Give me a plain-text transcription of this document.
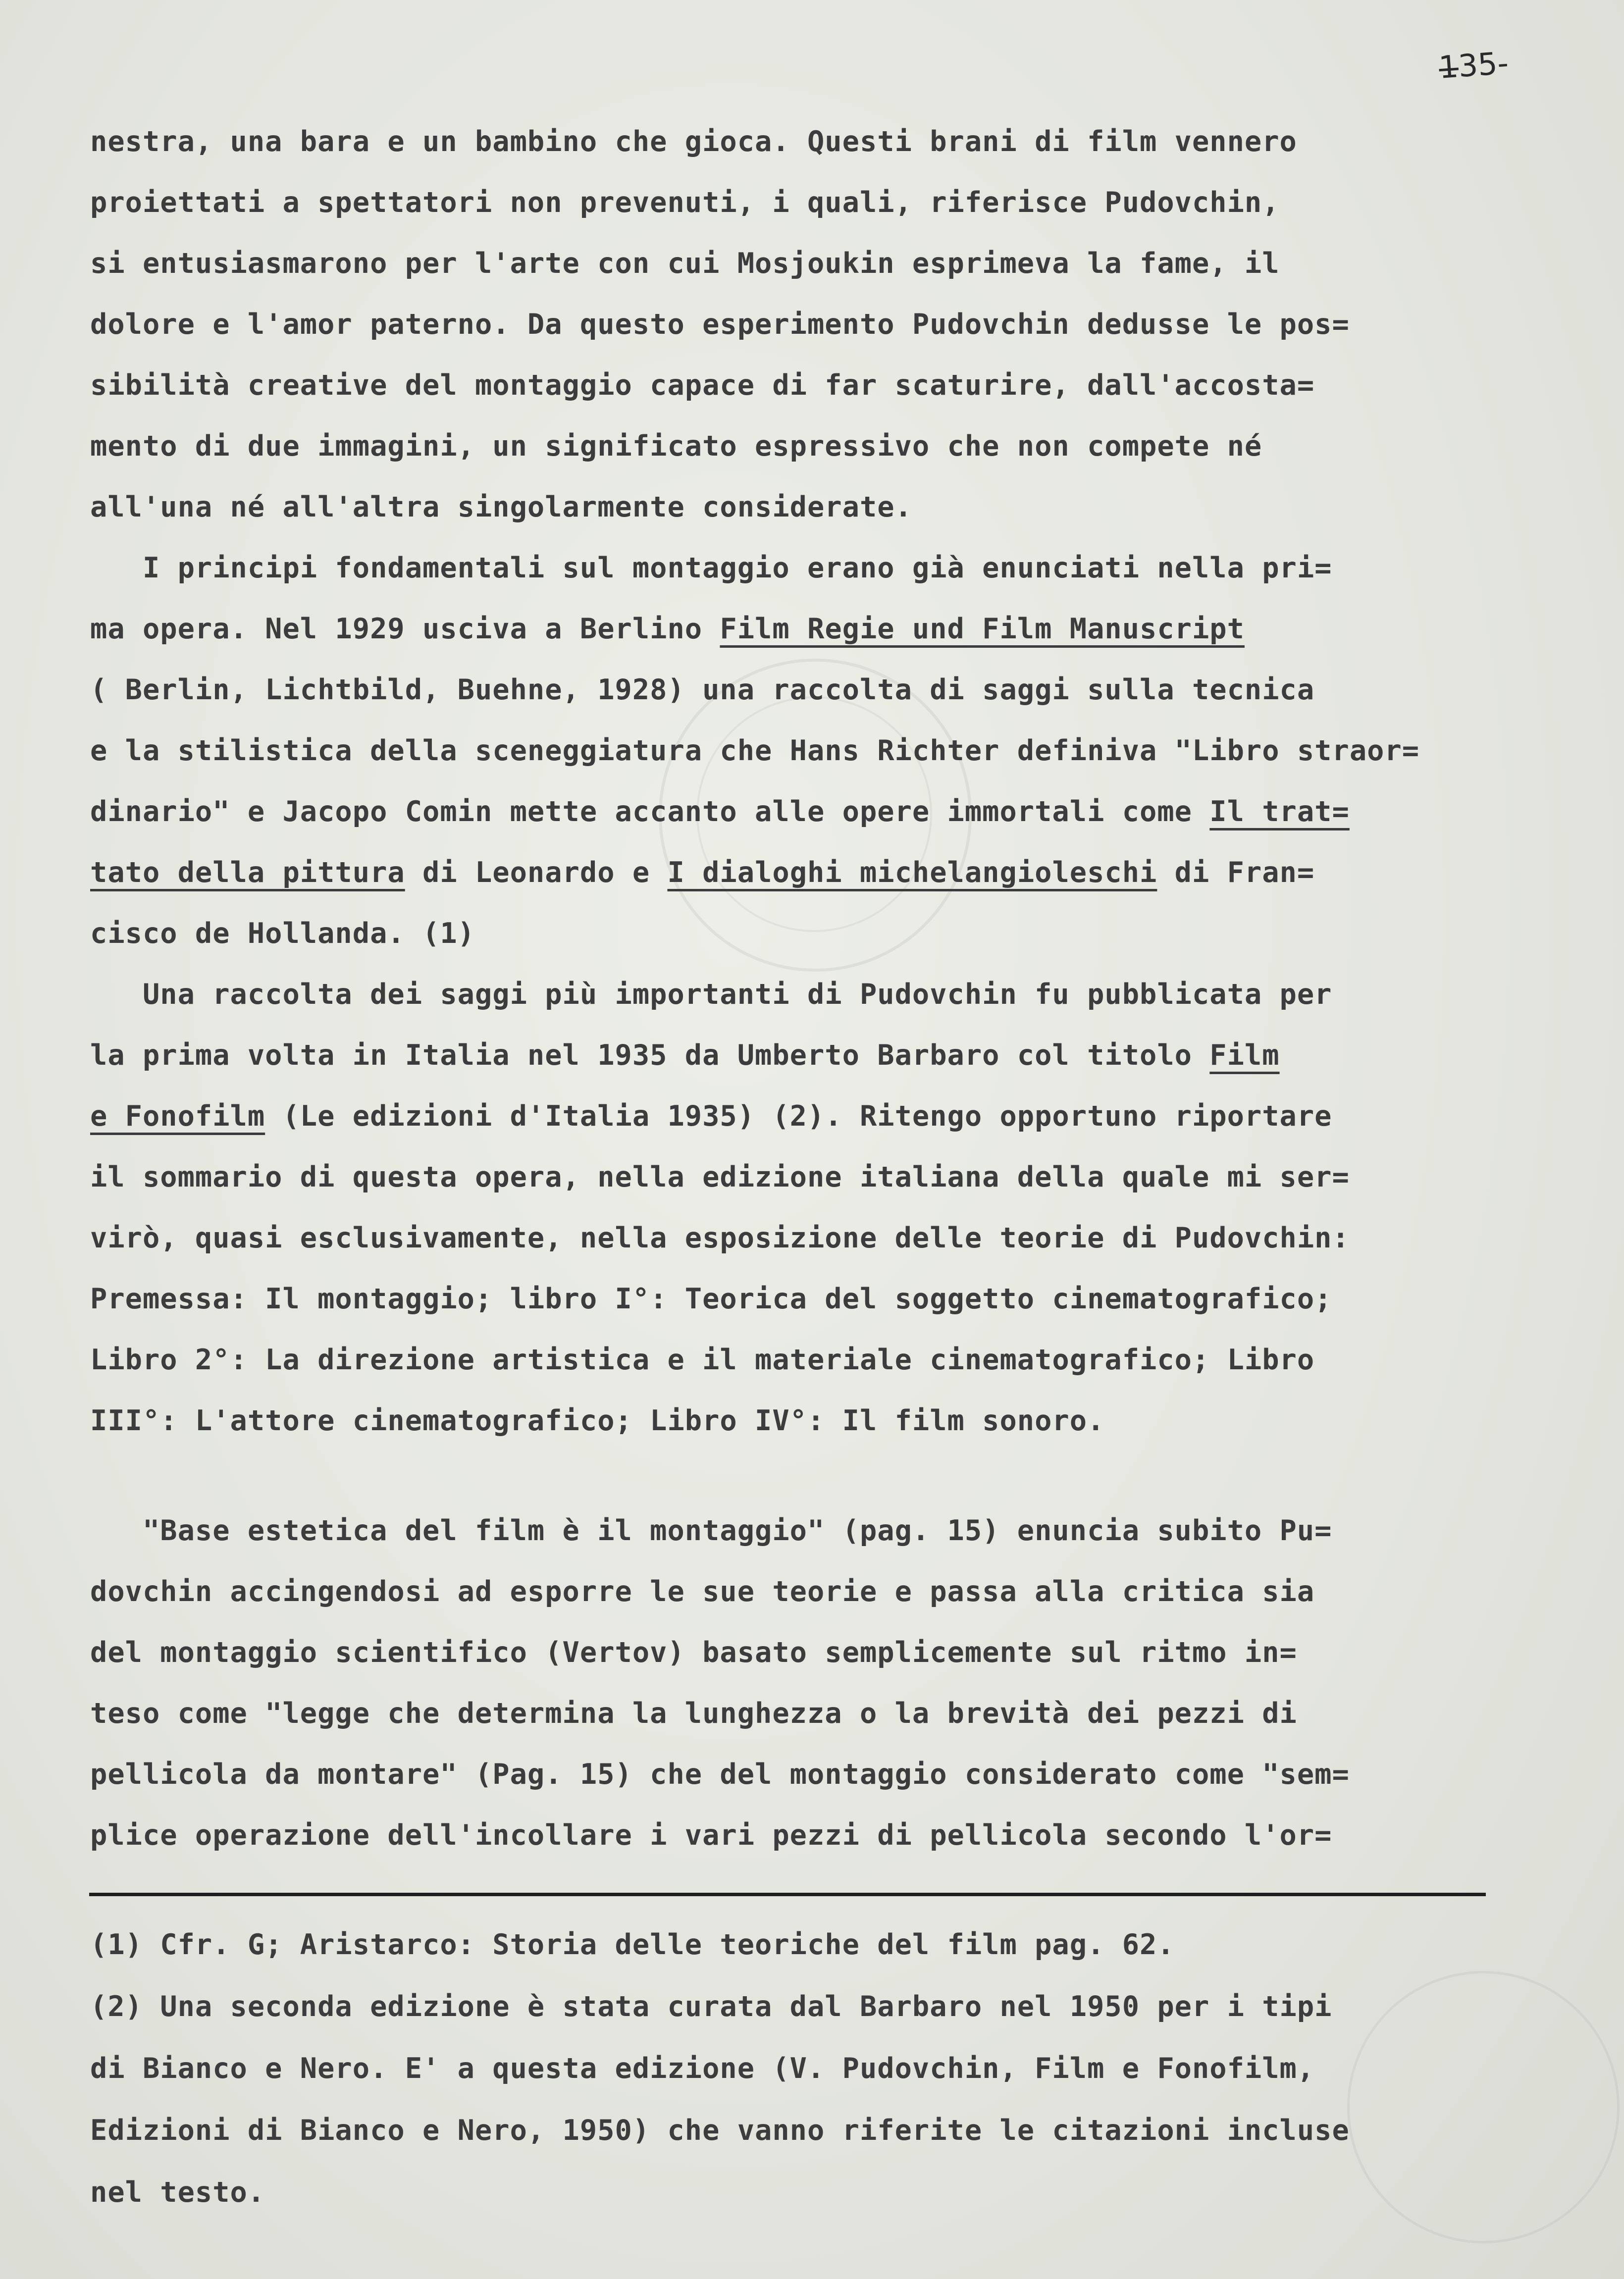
1̶35-
nestra, una bara e un bambino che gioca. Questi brani di film vennero
proiettati a spettatori non prevenuti, i quali, riferisce Pudovchin,
si entusiasmarono per l'arte con cui Mosjoukin esprimeva la fame, il
dolore e l'amor paterno. Da questo esperimento Pudovchin dedusse le pos=
sibilità creative del montaggio capace di far scaturire, dall'accosta=
mento di due immagini, un significato espressivo che non compete né
all'una né all'altra singolarmente considerate.
I principi fondamentali sul montaggio erano già enunciati nella pri=
ma opera. Nel 1929 usciva a Berlino Film Regie und Film Manuscript
( Berlin, Lichtbild, Buehne, 1928) una raccolta di saggi sulla tecnica
e la stilistica della sceneggiatura che Hans Richter definiva "Libro straor=
dinario" e Jacopo Comin mette accanto alle opere immortali come Il trat=
tato della pittura di Leonardo e I dialoghi michelangioleschi di Fran=
cisco de Hollanda. (1)
Una raccolta dei saggi più importanti di Pudovchin fu pubblicata per
la prima volta in Italia nel 1935 da Umberto Barbaro col titolo Film
e Fonofilm (Le edizioni d'Italia 1935) (2). Ritengo opportuno riportare
il sommario di questa opera, nella edizione italiana della quale mi ser=
virò, quasi esclusivamente, nella esposizione delle teorie di Pudovchin:
Premessa: Il montaggio; libro I°: Teorica del soggetto cinematografico;
Libro 2°: La direzione artistica e il materiale cinematografico; Libro
III°: L'attore cinematografico; Libro IV°: Il film sonoro.
"Base estetica del film è il montaggio" (pag. 15) enuncia subito Pu=
dovchin accingendosi ad esporre le sue teorie e passa alla critica sia
del montaggio scientifico (Vertov) basato semplicemente sul ritmo in=
teso come "legge che determina la lunghezza o la brevità dei pezzi di
pellicola da montare" (Pag. 15) che del montaggio considerato come "sem=
plice operazione dell'incollare i vari pezzi di pellicola secondo l'or=
(1) Cfr. G; Aristarco: Storia delle teoriche del film pag. 62.
(2) Una seconda edizione è stata curata dal Barbaro nel 1950 per i tipi
di Bianco e Nero. E' a questa edizione (V. Pudovchin, Film e Fonofilm,
Edizioni di Bianco e Nero, 1950) che vanno riferite le citazioni incluse
nel testo.
